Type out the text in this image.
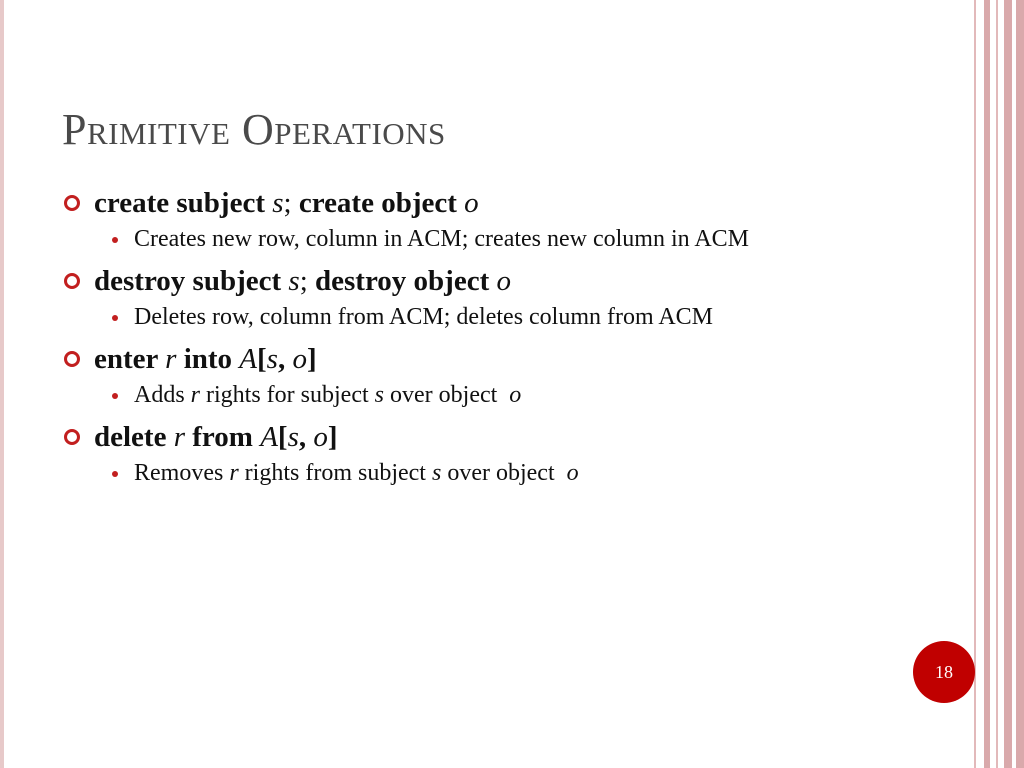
Primitive Operations
create subject s; create object o
Creates new row, column in ACM; creates new column in ACM
destroy subject s; destroy object o
Deletes row, column from ACM; deletes column from ACM
enter r into A[s, o]
Adds r rights for subject s over object  o
delete r from A[s, o]
Removes r rights from subject s over object  o
18
